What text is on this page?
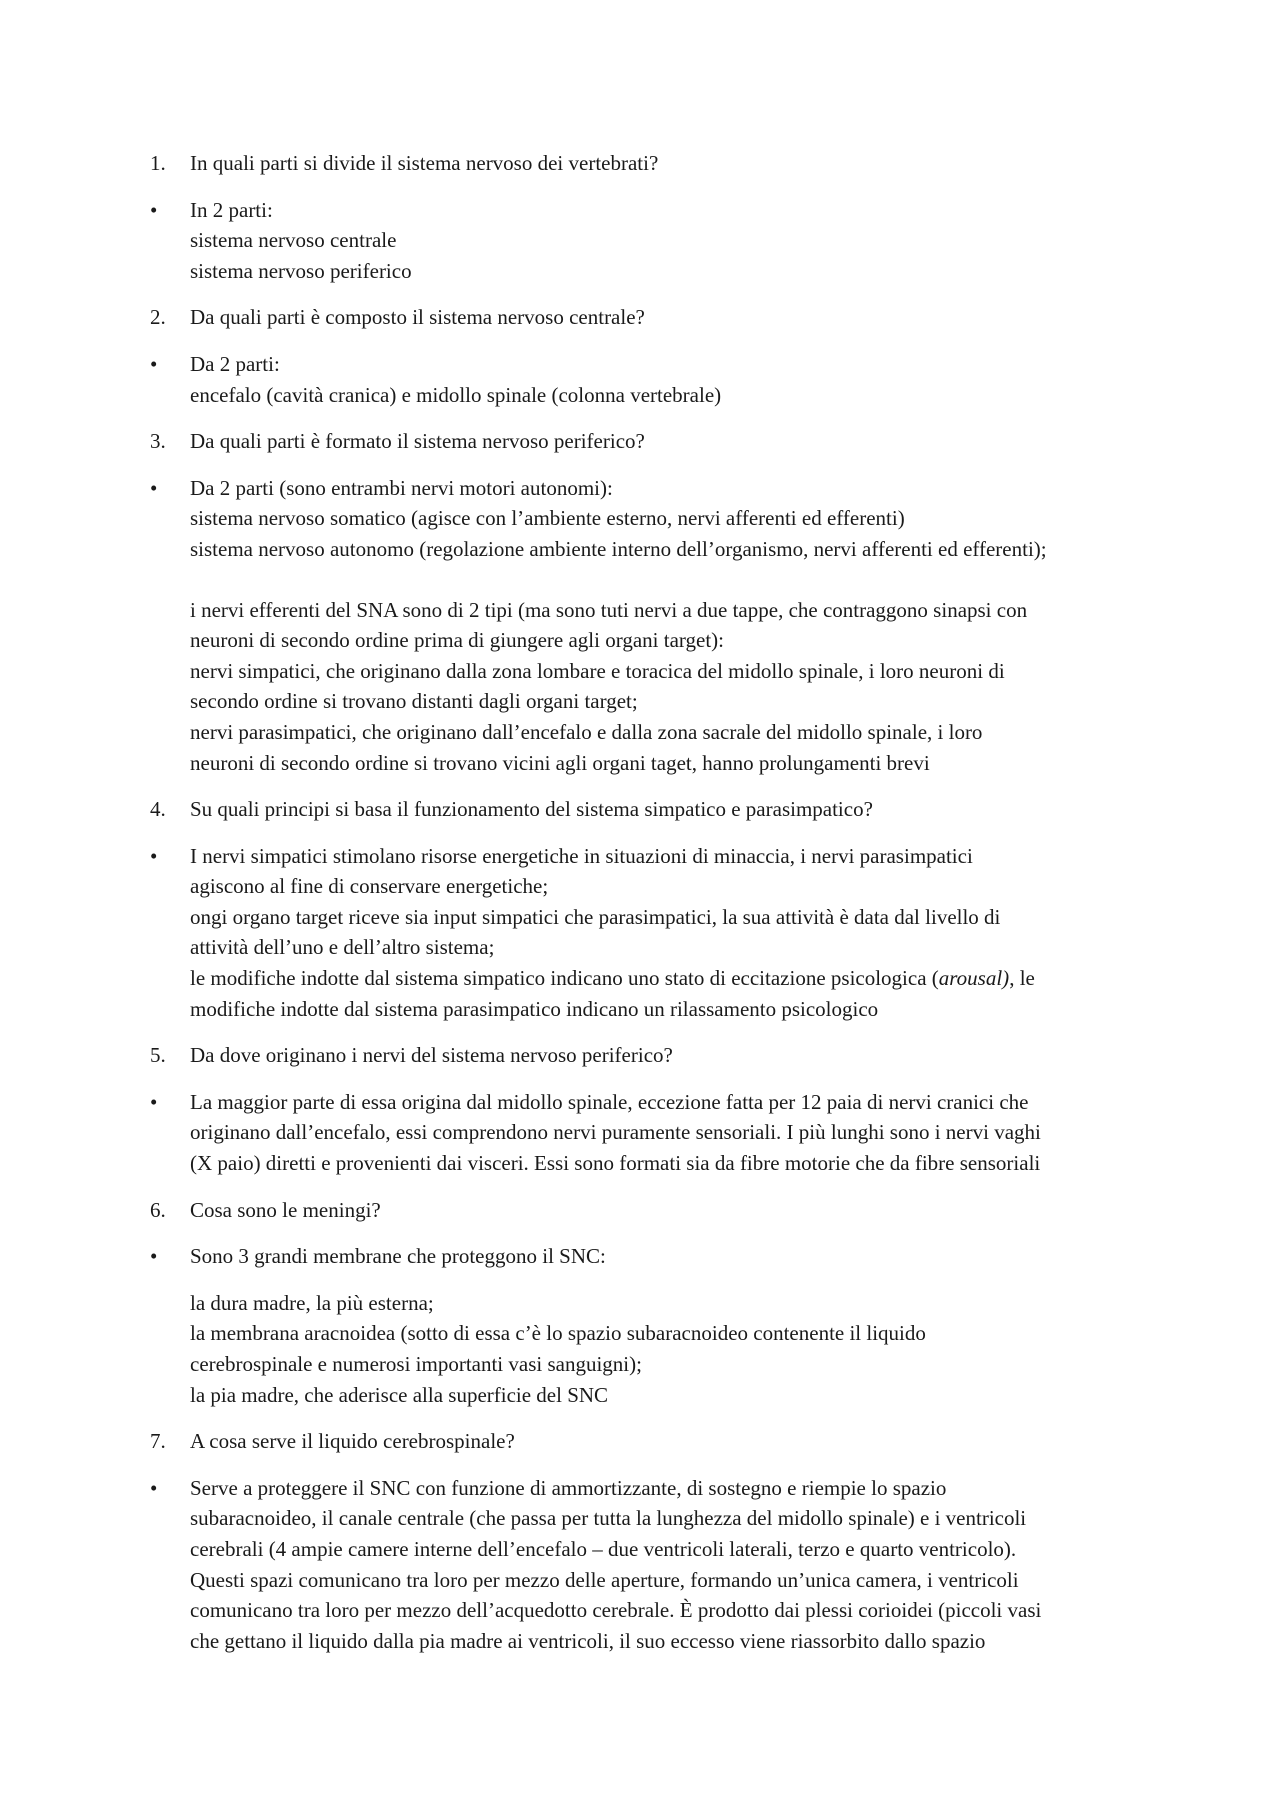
1.	In quali parti si divide il sistema nervoso dei vertebrati?
•	In 2 parti:
sistema nervoso centrale
sistema nervoso periferico
2.	Da quali parti è composto il sistema nervoso centrale?
•	Da 2 parti:
encefalo (cavità cranica) e midollo spinale (colonna vertebrale)
3.	Da quali parti è formato il sistema nervoso periferico?
•	Da 2 parti (sono entrambi nervi motori autonomi):
sistema nervoso somatico (agisce con l’ambiente esterno, nervi afferenti ed efferenti)
sistema nervoso autonomo (regolazione ambiente interno dell’organismo, nervi afferenti ed efferenti);
i nervi efferenti del SNA sono di 2 tipi (ma sono tuti nervi a due tappe, che contraggono sinapsi con
neuroni di secondo ordine prima di giungere agli organi target):
nervi simpatici, che originano dalla zona lombare e toracica del midollo spinale, i loro neuroni di
secondo ordine si trovano distanti dagli organi target;
nervi parasimpatici, che originano dall’encefalo e dalla zona sacrale del midollo spinale, i loro
neuroni di secondo ordine si trovano vicini agli organi taget, hanno prolungamenti brevi
4.	Su quali principi si basa il funzionamento del sistema simpatico e parasimpatico?
•	I nervi simpatici stimolano risorse energetiche in situazioni di minaccia, i nervi parasimpatici
agiscono al fine di conservare energetiche;
ongi organo target riceve sia input simpatici che parasimpatici, la sua attività è data dal livello di
attività dell’uno e dell’altro sistema;
le modifiche indotte dal sistema simpatico indicano uno stato di eccitazione psicologica (arousal), le
modifiche indotte dal sistema parasimpatico indicano un rilassamento psicologico
5.	Da dove originano i nervi del sistema nervoso periferico?
•	La maggior parte di essa origina dal midollo spinale, eccezione fatta per 12 paia di nervi cranici che
originano dall’encefalo, essi comprendono nervi puramente sensoriali. I più lunghi sono i nervi vaghi
(X paio) diretti e provenienti dai visceri. Essi sono formati sia da fibre motorie che da fibre sensoriali
6.	Cosa sono le meningi?
•	Sono 3 grandi membrane che proteggono il SNC:
la dura madre, la più esterna;
la membrana aracnoidea (sotto di essa c’è lo spazio subaracnoideo contenente il liquido
cerebrospinale e numerosi importanti vasi sanguigni);
la pia madre, che aderisce alla superficie del SNC
7.	A cosa serve il liquido cerebrospinale?
•	Serve a proteggere il SNC con funzione di ammortizzante, di sostegno e riempie lo spazio
subaracnoideo, il canale centrale (che passa per tutta la lunghezza del midollo spinale) e i ventricoli
cerebrali (4 ampie camere interne dell’encefalo – due ventricoli laterali, terzo e quarto ventricolo).
Questi spazi comunicano tra loro per mezzo delle aperture, formando un’unica camera, i ventricoli
comunicano tra loro per mezzo dell’acquedotto cerebrale. È prodotto dai plessi corioidei (piccoli vasi
che gettano il liquido dalla pia madre ai ventricoli, il suo eccesso viene riassorbito dallo spazio
